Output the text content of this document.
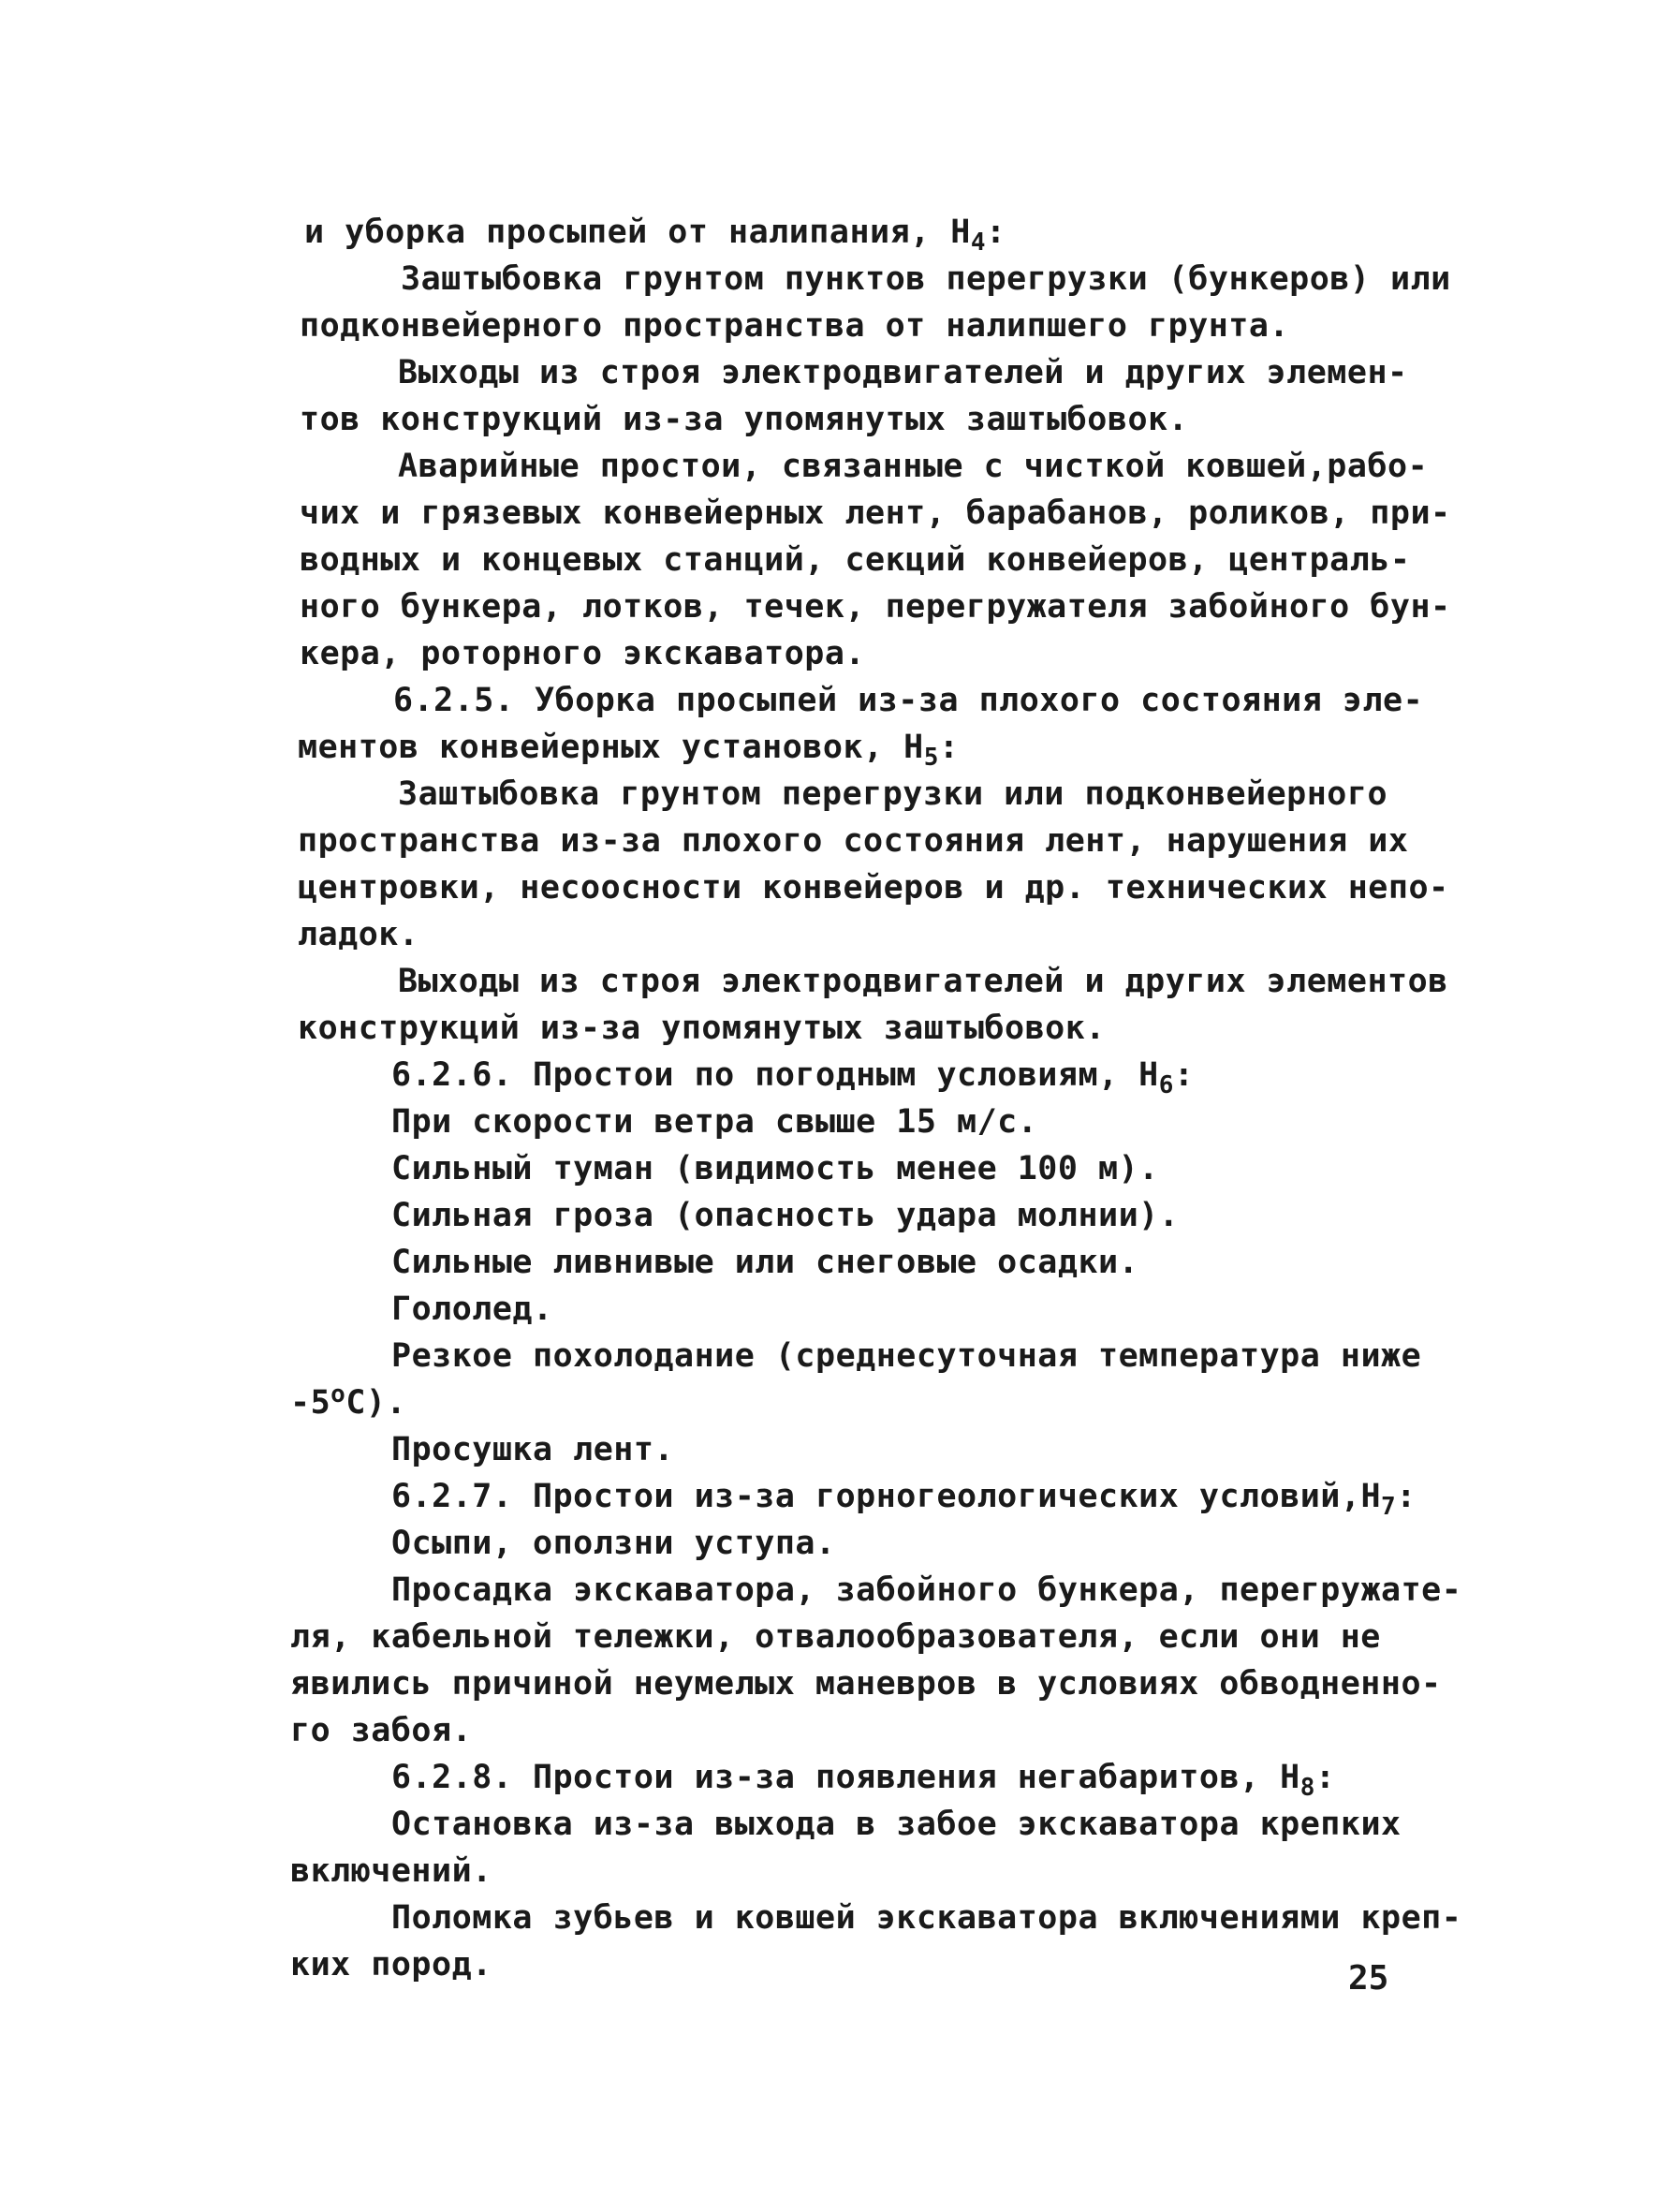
и уборка просыпей от налипания, $Н_4$:
Заштыбовка грунтом пунктов перегрузки (бункеров) или
подконвейерного пространства от налипшего грунта.
Выходы из строя электродвигателей и других элемен-
тов конструкций из-за упомянутых заштыбовок.
Аварийные простои, связанные с чисткой ковшей,рабо-
чих и грязевых конвейерных лент, барабанов, роликов, при-
водных и концевых станций, секций конвейеров, централь-
ного бункера, лотков, течек, перегружателя забойного бун-
кера, роторного экскаватора.
6.2.5. Уборка просыпей из-за плохого состояния эле-
ментов конвейерных установок, $Н_5$:
Заштыбовка грунтом перегрузки или подконвейерного
пространства из-за плохого состояния лент, нарушения их
центровки, несоосности конвейеров и др. технических непо-
ладок.
Выходы из строя электродвигателей и других элементов
конструкций из-за упомянутых заштыбовок.
6.2.6. Простои по погодным условиям, $Н_6$:
При скорости ветра свыше 15 м/с.
Сильный туман (видимость менее 100 м).
Сильная гроза (опасность удара молнии).
Сильные ливнивые или снеговые осадки.
Гололед.
Резкое похолодание (среднесуточная температура ниже
$-5^оС$).
Просушка лент.
6.2.7. Простои из-за горногеологических $условий,Н_7$:
Осыпи, оползни уступа.
Просадка экскаватора, забойного бункера, перегружате-
ля, кабельной тележки, отвалообразователя, если они не
явились причиной неумелых маневров в условиях обводненно-
го забоя.
6.2.8. Простои из-за появления негабаритов, $Н_8$:
Остановка из-за выхода в забое экскаватора крепких
включений.
Поломка зубьев и ковшей экскаватора включениями креп-
ких пород.	25
